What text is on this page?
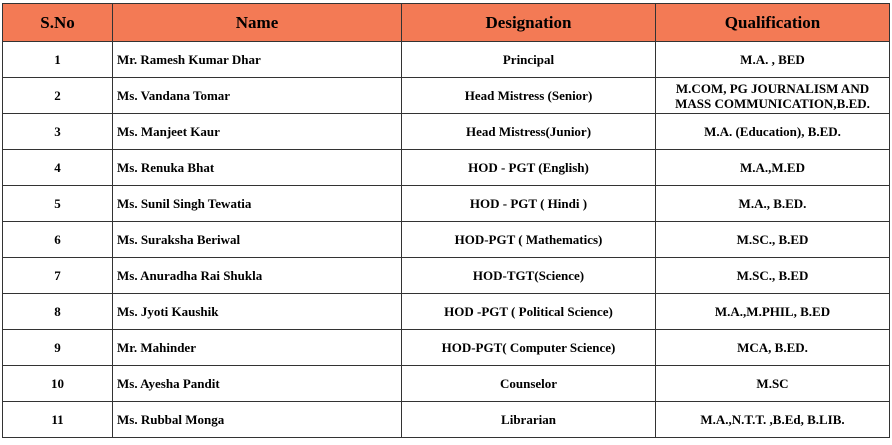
S.No	Name	Designation	Qualification
1	Mr. Ramesh Kumar Dhar	Principal	M.A. , BED
2	Ms. Vandana Tomar	Head Mistress (Senior)	M.COM, PG JOURNALISM AND MASS COMMUNICATION,B.ED.
3	Ms. Manjeet Kaur	Head Mistress(Junior)	M.A. (Education), B.ED.
4	Ms. Renuka Bhat	HOD - PGT (English)	M.A.,M.ED
5	Ms. Sunil Singh Tewatia	HOD - PGT ( Hindi )	M.A., B.ED.
6	Ms. Suraksha Beriwal	HOD-PGT ( Mathematics)	M.SC., B.ED
7	Ms. Anuradha Rai Shukla	HOD-TGT(Science)	M.SC., B.ED
8	Ms. Jyoti Kaushik	HOD -PGT ( Political Science)	M.A.,M.PHIL, B.ED
9	Mr. Mahinder	HOD-PGT( Computer Science)	MCA, B.ED.
10	Ms. Ayesha Pandit	Counselor	M.SC
11	Ms. Rubbal Monga	Librarian	M.A.,N.T.T. ,B.Ed, B.LIB.
